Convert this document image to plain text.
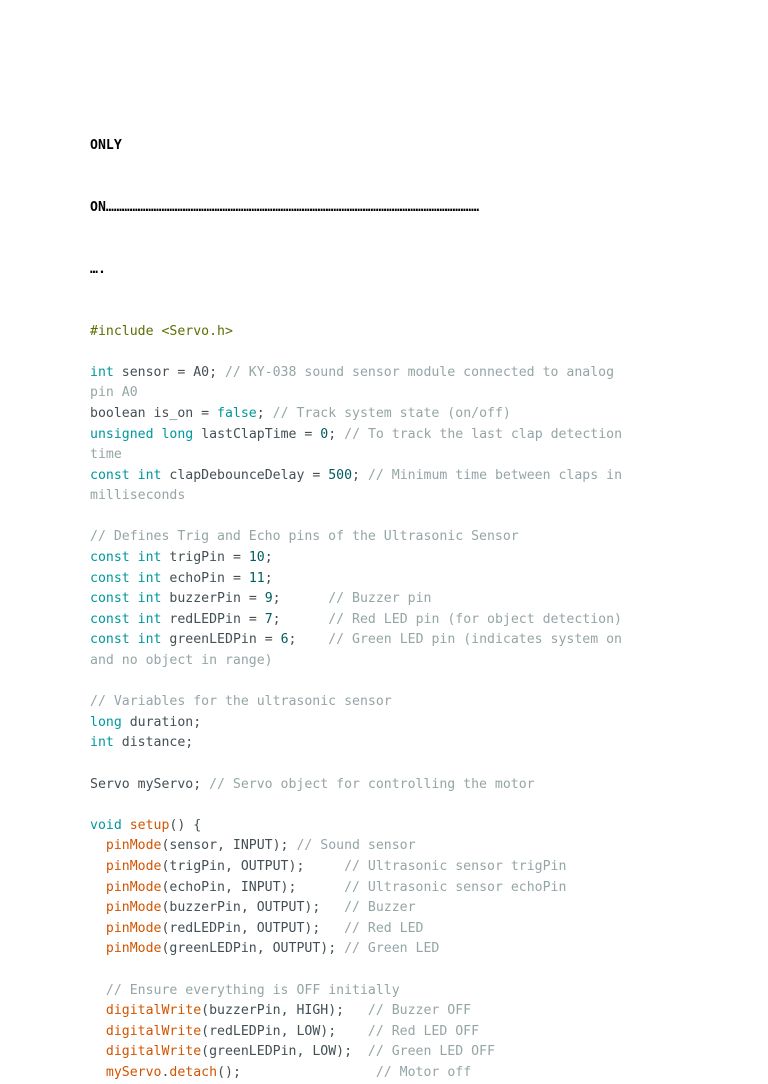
ONLY

ON……………………………………………………………………………………………………………………………

….

#include <Servo.h>
int sensor = A0; // KY-038 sound sensor module connected to analog
pin A0
boolean is_on = false; // Track system state (on/off)
unsigned long lastClapTime = 0; // To track the last clap detection
time
const int clapDebounceDelay = 500; // Minimum time between claps in
milliseconds
// Defines Trig and Echo pins of the Ultrasonic Sensor
const int trigPin = 10;
const int echoPin = 11;
const int buzzerPin = 9;      // Buzzer pin
const int redLEDPin = 7;      // Red LED pin (for object detection)
const int greenLEDPin = 6;    // Green LED pin (indicates system on
and no object in range)
// Variables for the ultrasonic sensor
long duration;
int distance;
Servo myServo; // Servo object for controlling the motor
void setup() {
pinMode(sensor, INPUT); // Sound sensor
pinMode(trigPin, OUTPUT);     // Ultrasonic sensor trigPin
pinMode(echoPin, INPUT);      // Ultrasonic sensor echoPin
pinMode(buzzerPin, OUTPUT);   // Buzzer
pinMode(redLEDPin, OUTPUT);   // Red LED
pinMode(greenLEDPin, OUTPUT); // Green LED
// Ensure everything is OFF initially
digitalWrite(buzzerPin, HIGH);   // Buzzer OFF
digitalWrite(redLEDPin, LOW);    // Red LED OFF
digitalWrite(greenLEDPin, LOW);  // Green LED OFF
myServo.detach();                 // Motor off
